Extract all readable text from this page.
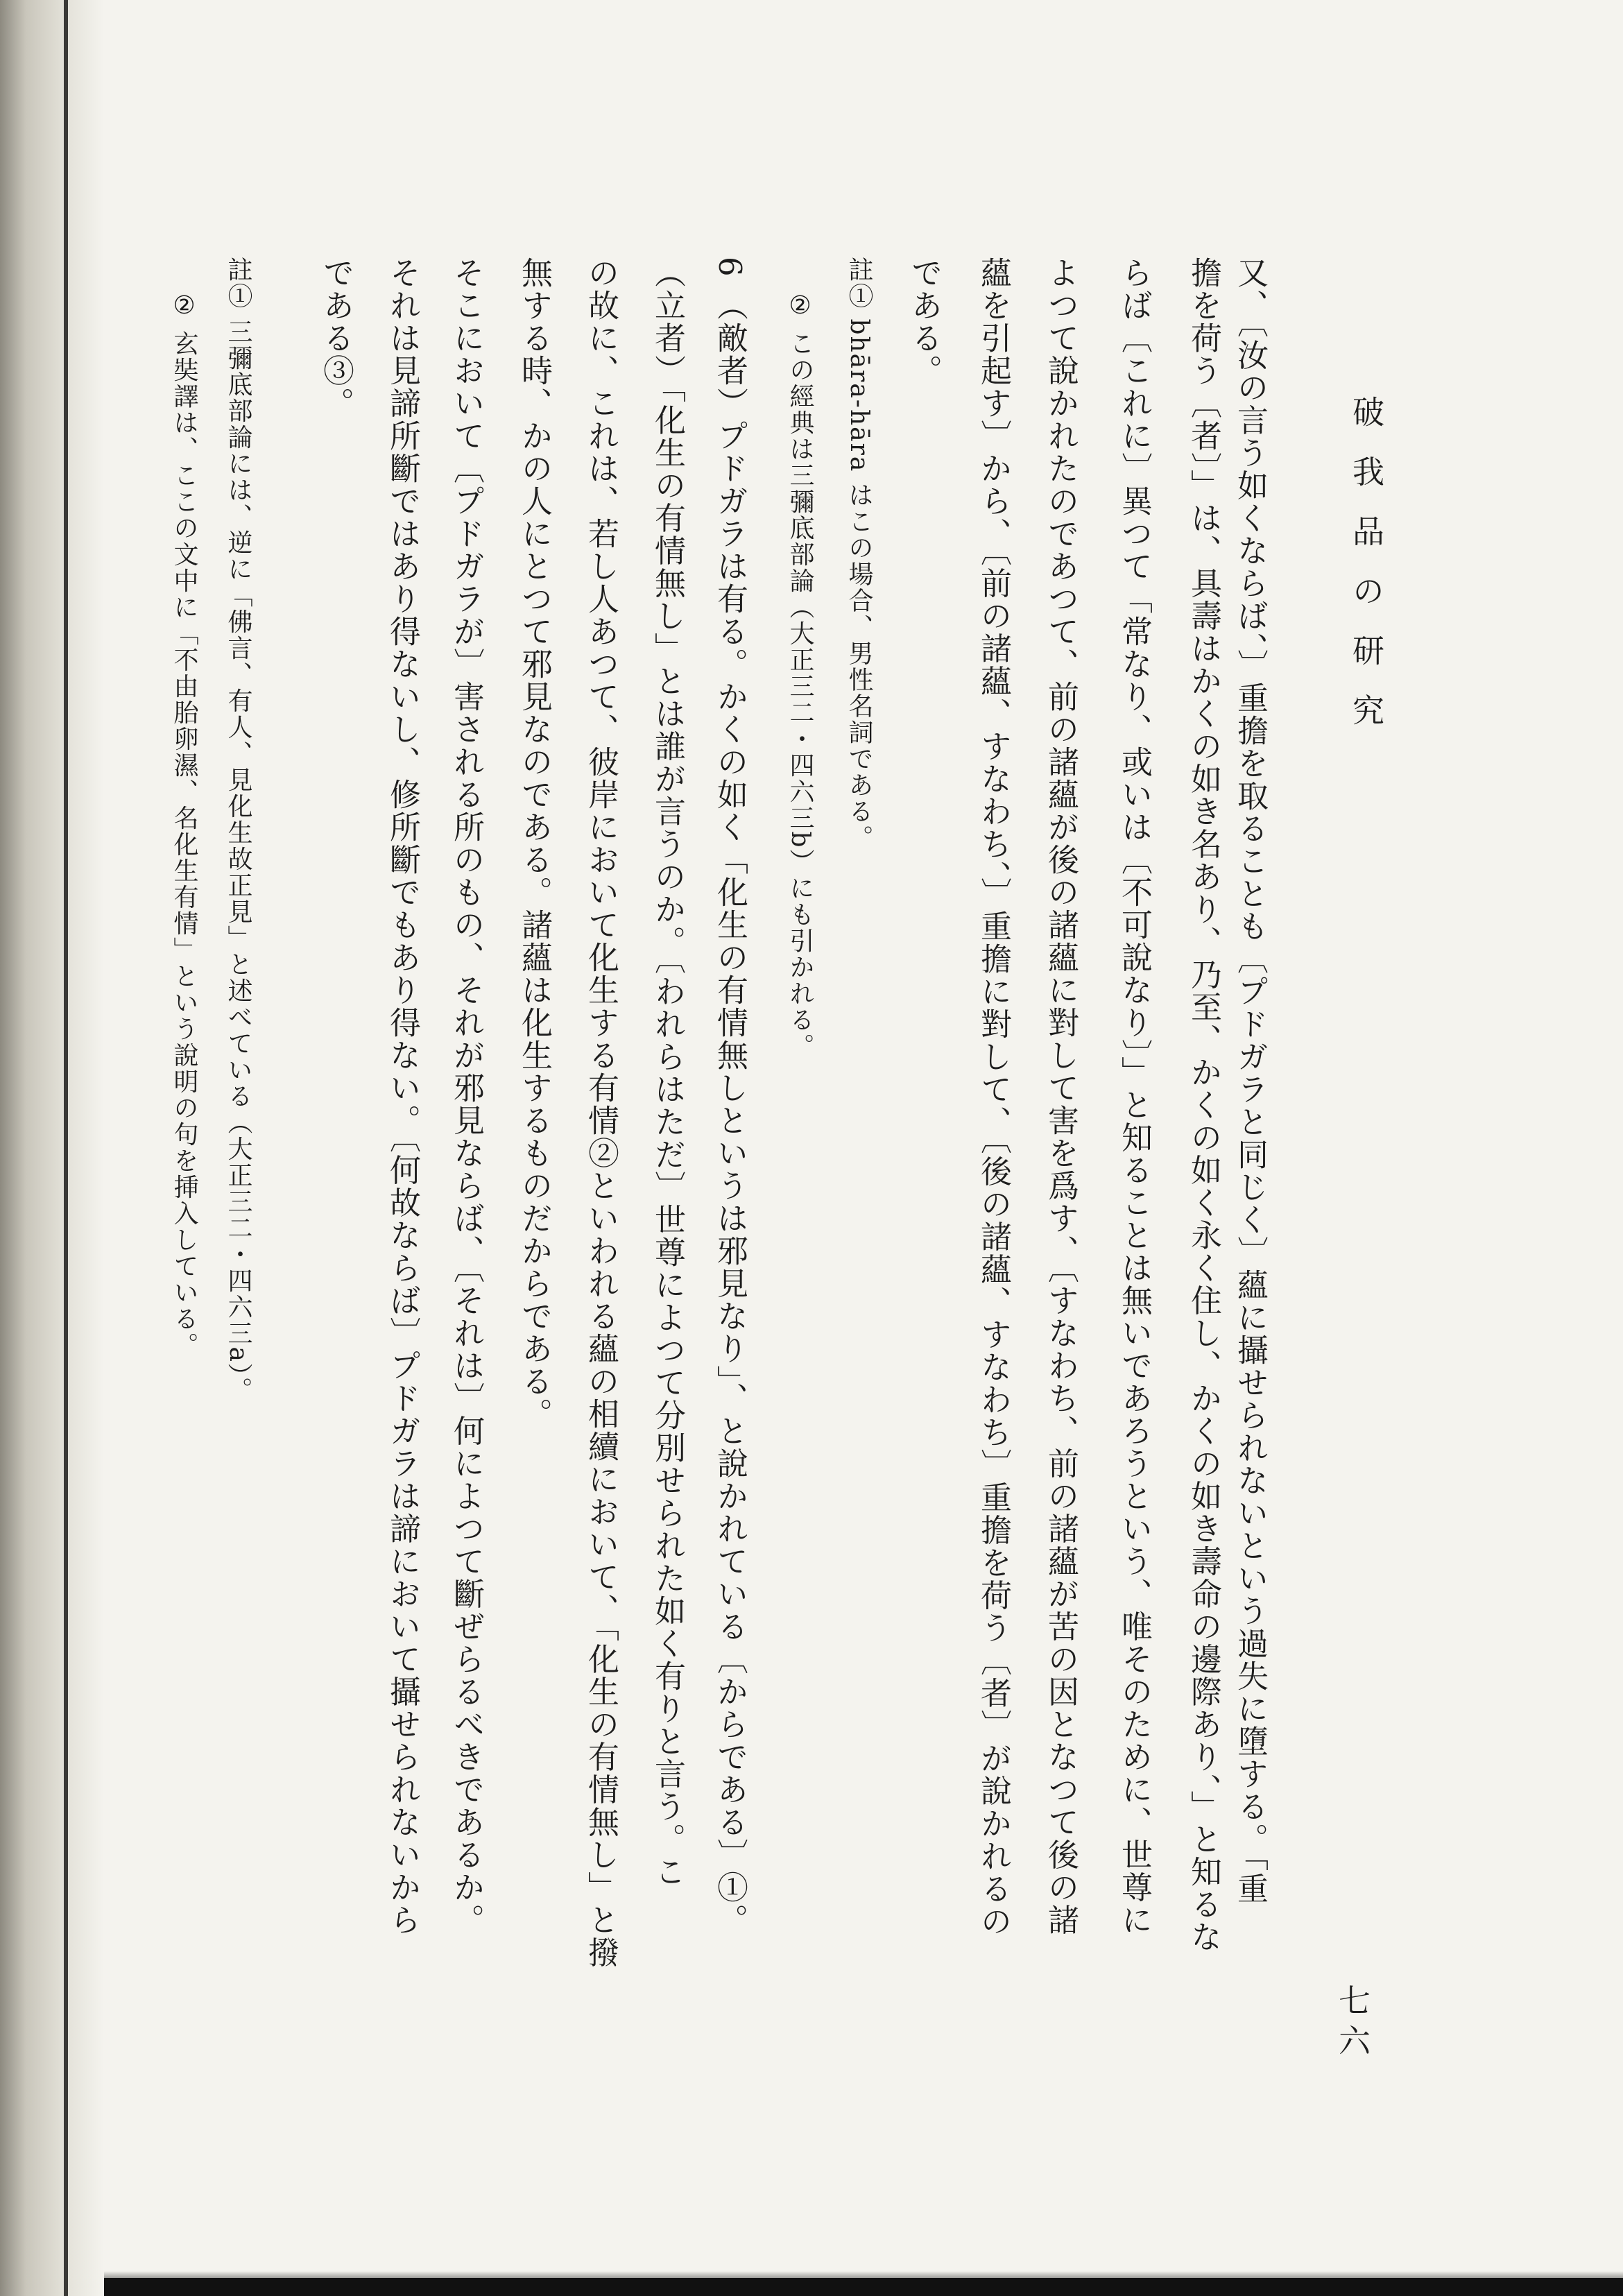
破我品の研究
七六
又、〔汝の言う如くならば、〕重擔を取ることも〔プドガラと同じく〕蘊に攝せられないという過失に墮する。「重
擔を荷う〔者〕」は、具壽はかくの如き名あり、乃至、かくの如く永く住し、かくの如き壽命の邊際あり、」と知るな
らば〔これに〕異つて「常なり、或いは〔不可說なり〕」と知ることは無いであろうという、唯そのために、世尊に
よつて說かれたのであつて、前の諸蘊が後の諸蘊に對して害を爲す、〔すなわち、前の諸蘊が苦の因となつて後の諸
蘊を引起す〕から、〔前の諸蘊、すなわち、〕重擔に對して、〔後の諸蘊、すなわち〕重擔を荷う〔者〕が說かれるの
である。
註① bhāra-hāra はこの場合、男性名詞である。
② この經典は三彌底部論（大正三二・四六三b）にも引かれる。
6 （敵者）プドガラは有る。かくの如く「化生の有情無しというは邪見なり」、と說かれている〔からである〕①。
（立者）「化生の有情無し」とは誰が言うのか。〔われらはただ〕世尊によつて分別せられた如く有りと言う。こ
の故に、これは、若し人あつて、彼岸において化生する有情②といわれる蘊の相續において、「化生の有情無し」と撥
無する時、かの人にとつて邪見なのである。諸蘊は化生するものだからである。
そこにおいて〔プドガラが〕害される所のもの、それが邪見ならば、〔それは〕何によつて斷ぜらるべきであるか。
それは見諦所斷ではあり得ないし、修所斷でもあり得ない。〔何故ならば〕プドガラは諦において攝せられないから
である③。
註① 三彌底部論には、逆に「佛言、有人、見化生故正見」と述べている（大正三二・四六三a）。
② 玄奘譯は、ここの文中に「不由胎卵濕、名化生有情」という說明の句を挿入している。
